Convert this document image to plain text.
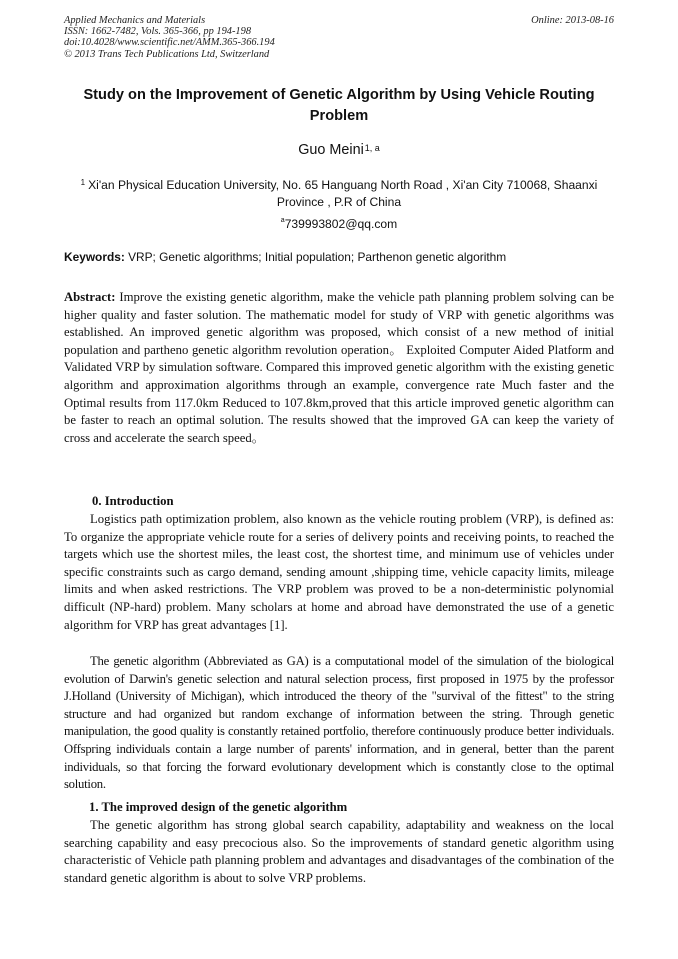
Applied Mechanics and Materials
ISSN: 1662-7482, Vols. 365-366, pp 194-198
doi:10.4028/www.scientific.net/AMM.365-366.194
© 2013 Trans Tech Publications Ltd, Switzerland
Online: 2013-08-16
Study on the Improvement of Genetic Algorithm by Using Vehicle Routing Problem
Guo Meini$^{1, a}$
$^1$ Xi'an Physical Education University, No. 65 Hanguang North Road , Xi'an City 710068, Shaanxi Province , P.R of China
$^a$739993802@qq.com
Keywords: VRP; Genetic algorithms; Initial population; Parthenon genetic algorithm
Abstract: Improve the existing genetic algorithm, make the vehicle path planning problem solving can be higher quality and faster solution. The mathematic model for study of VRP with genetic algorithms was established. An improved genetic algorithm was proposed, which consist of a new method of initial population and partheno genetic algorithm revolution operation。 Exploited Computer Aided Platform and Validated VRP by simulation software. Compared this improved genetic algorithm with the existing genetic algorithm and approximation algorithms through an example, convergence rate Much faster and the Optimal results from 117.0km Reduced to 107.8km,proved that this article improved genetic algorithm can be faster to reach an optimal solution. The results showed that the improved GA can keep the variety of cross and accelerate the search speed。
0. Introduction
Logistics path optimization problem, also known as the vehicle routing problem (VRP), is defined as: To organize the appropriate vehicle route for a series of delivery points and receiving points, to reached the targets which use the shortest miles, the least cost, the shortest time, and minimum use of vehicles under specific constraints such as cargo demand, sending amount ,shipping time, vehicle capacity limits, mileage limits and when asked restrictions. The VRP problem was proved to be a non-deterministic polynomial difficult (NP-hard) problem. Many scholars at home and abroad have demonstrated the use of a genetic algorithm for VRP has great advantages [1].
The genetic algorithm (Abbreviated as GA) is a computational model of the simulation of the biological evolution of Darwin's genetic selection and natural selection process, first proposed in 1975 by the professor J.Holland (University of Michigan), which introduced the theory of the "survival of the fittest" to the string structure and had organized but random exchange of information between the string. Through genetic manipulation, the good quality is constantly retained portfolio, therefore continuously produce better individuals. Offspring individuals contain a large number of parents' information, and in general, better than the parent individuals, so that forcing the forward evolutionary development which is constantly close to the optimal solution.
1. The improved design of the genetic algorithm
The genetic algorithm has strong global search capability, adaptability and weakness on the local searching capability and easy precocious also. So the improvements of standard genetic algorithm using characteristic of Vehicle path planning problem and advantages and disadvantages of the combination of the standard genetic algorithm is about to solve VRP problems.
